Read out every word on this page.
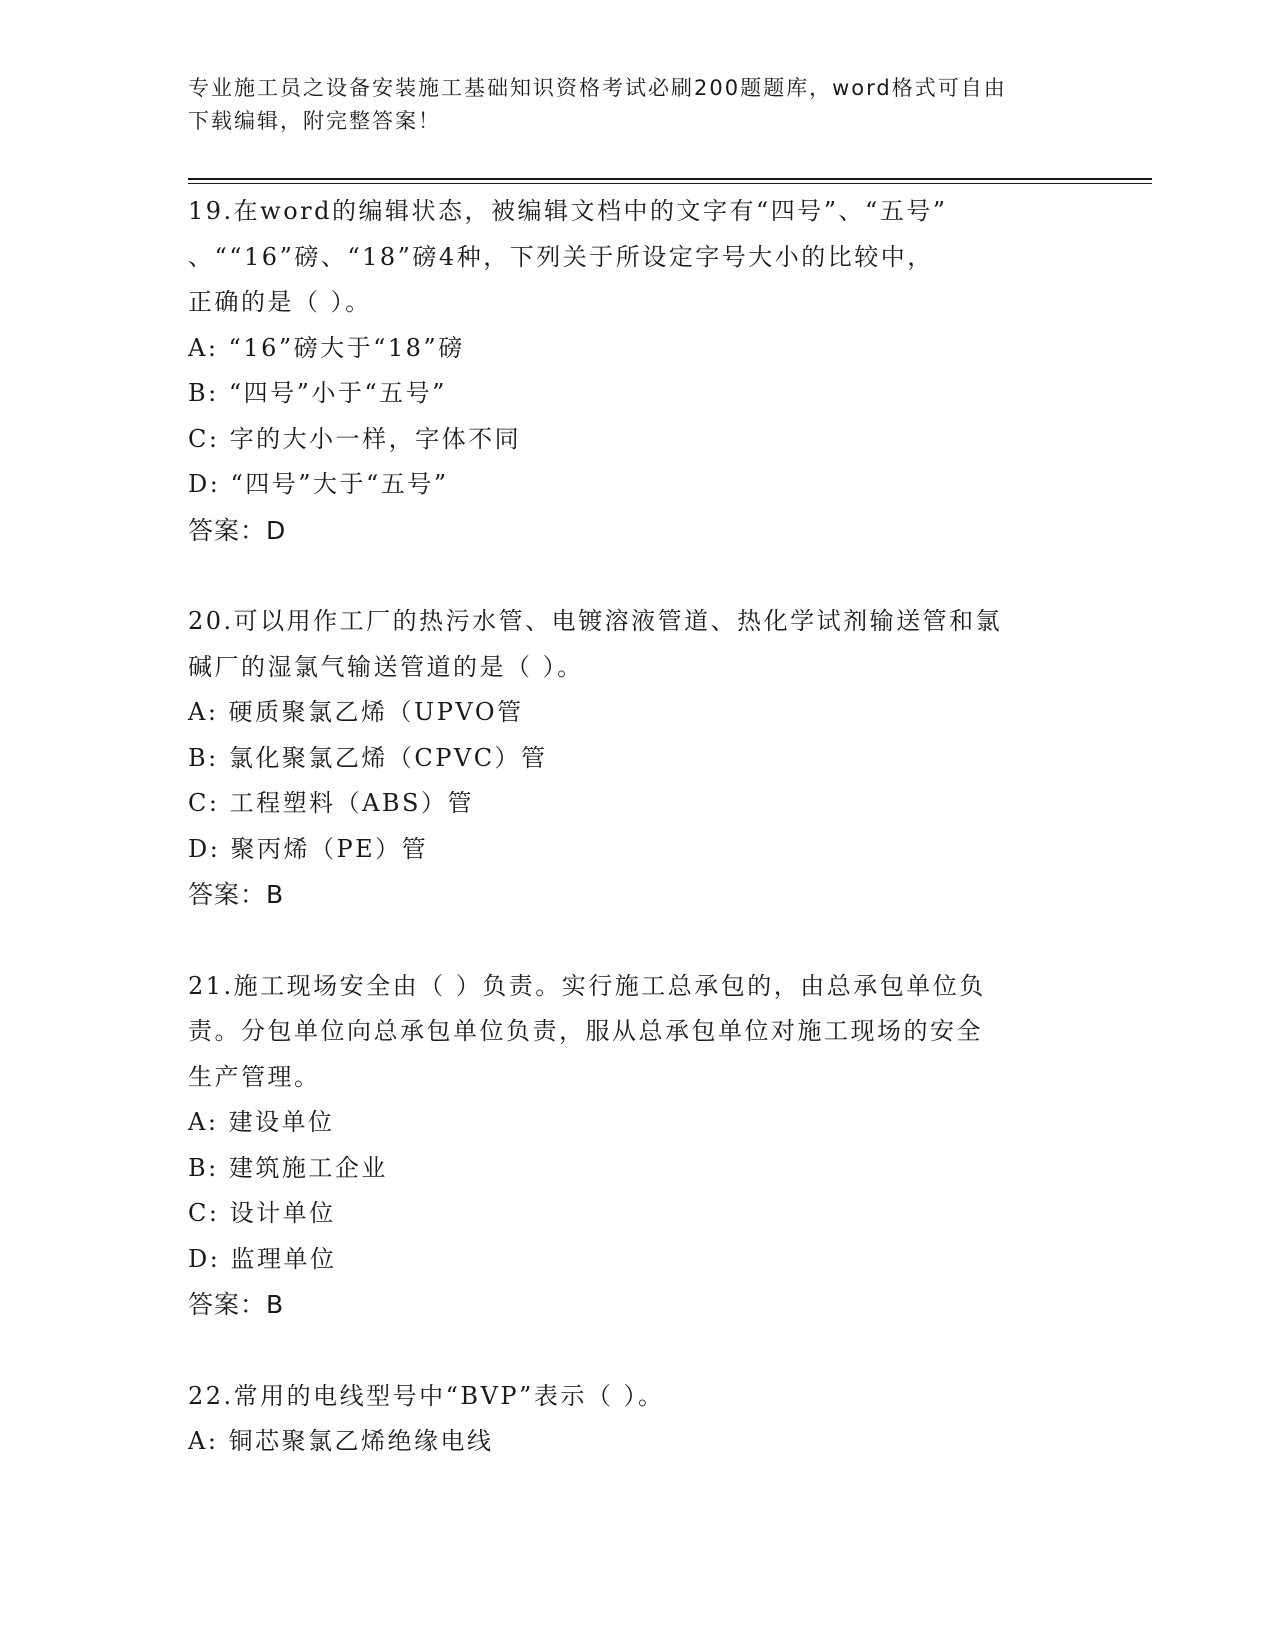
专业施工员之设备安装施工基础知识资格考试必刷200题题库，word格式可自由
下载编辑，附完整答案！
19.在word的编辑状态，被编辑文档中的文字有“四号”、“五号”
、““16”磅、“18”磅4种，下列关于所设定字号大小的比较中，
正确的是（ ）。
A: “16”磅大于“18”磅
B: “四号”小于“五号”
C: 字的大小一样，字体不同
D: “四号”大于“五号”
答案：D
20.可以用作工厂的热污水管、电镀溶液管道、热化学试剂输送管和氯
碱厂的湿氯气输送管道的是（ ）。
A: 硬质聚氯乙烯（UPVO管
B: 氯化聚氯乙烯（CPVC）管
C: 工程塑料（ABS）管
D: 聚丙烯（PE）管
答案：B
21.施工现场安全由（ ）负责。实行施工总承包的，由总承包单位负
责。分包单位向总承包单位负责，服从总承包单位对施工现场的安全
生产管理。
A: 建设单位
B: 建筑施工企业
C: 设计单位
D: 监理单位
答案：B
22.常用的电线型号中“BVP”表示（ ）。
A: 铜芯聚氯乙烯绝缘电线
